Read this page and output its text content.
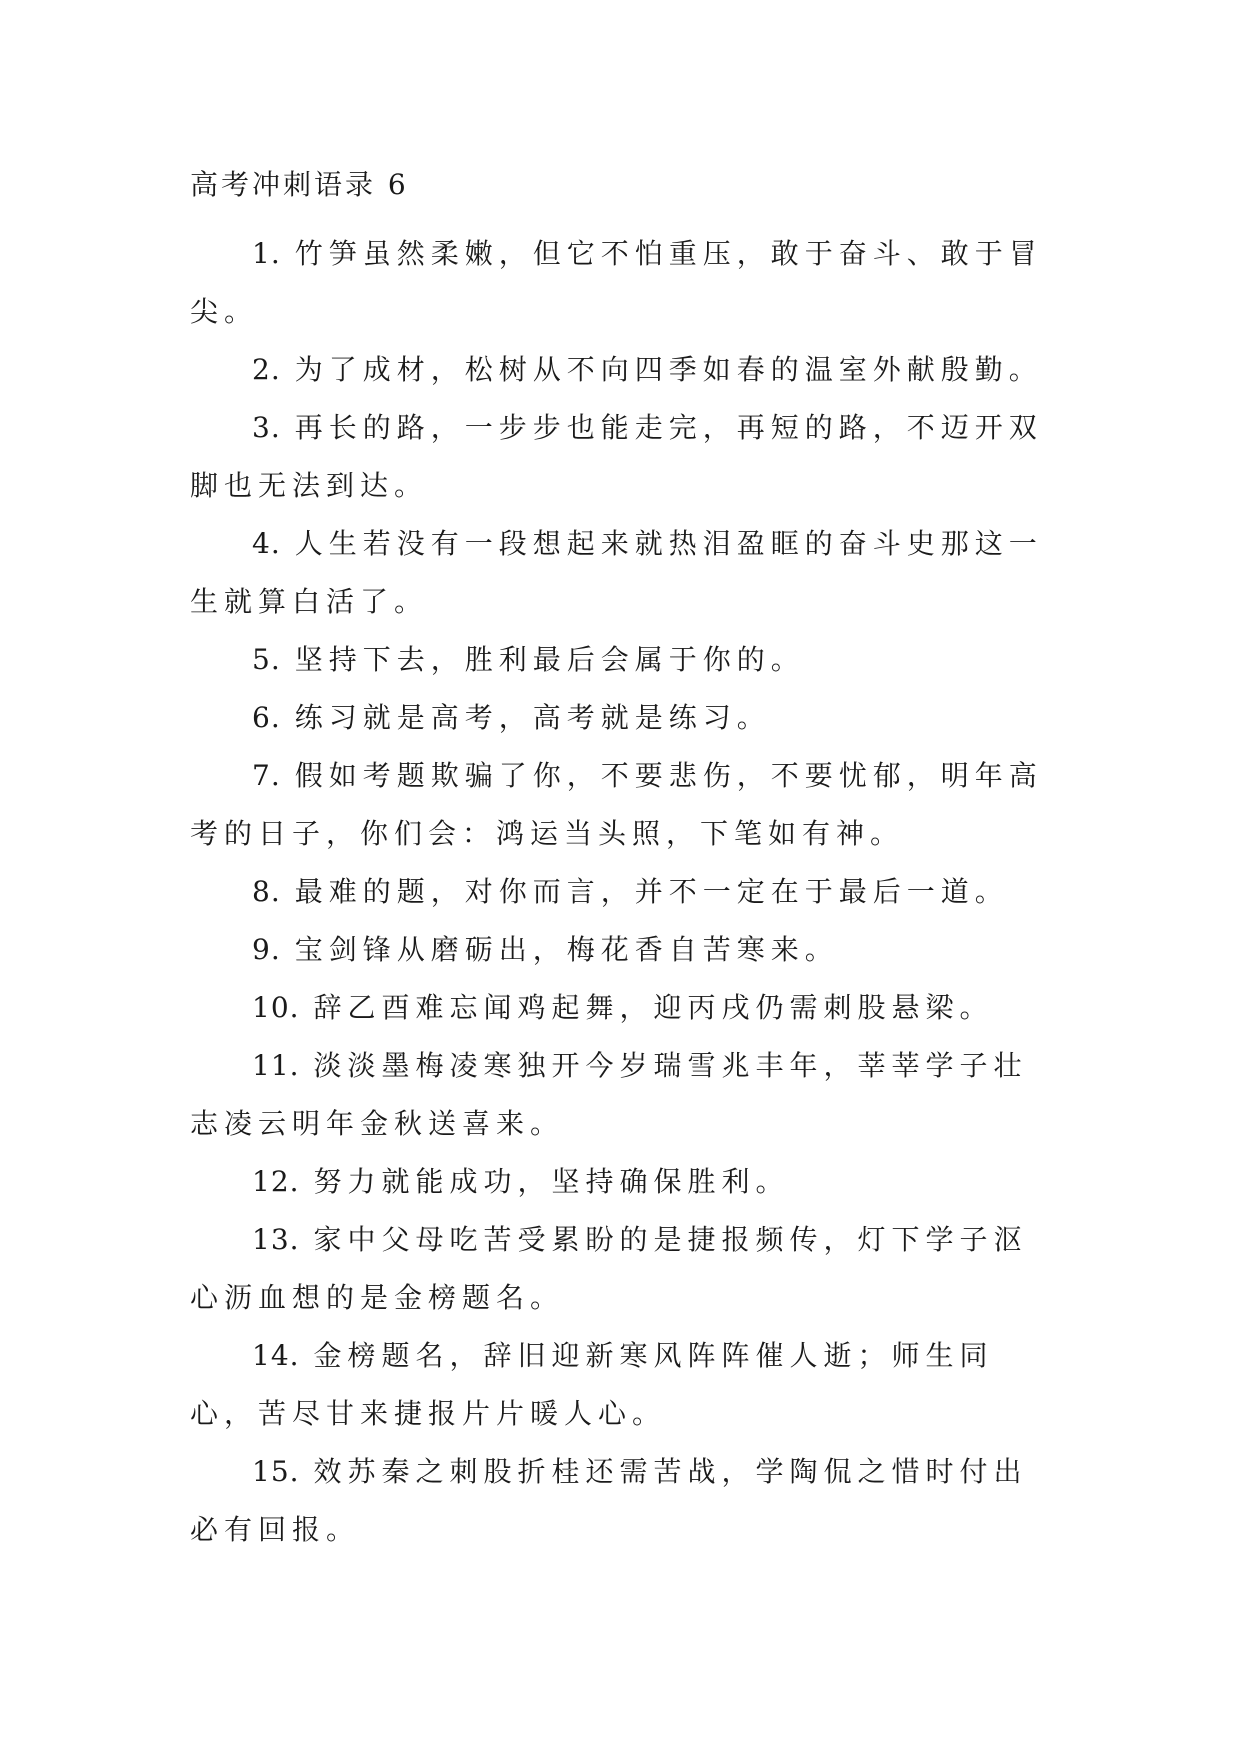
高考冲刺语录 6

1. 竹笋虽然柔嫩，但它不怕重压，敢于奋斗、敢于冒尖。

2. 为了成材，松树从不向四季如春的温室外献殷勤。

3. 再长的路，一步步也能走完，再短的路，不迈开双脚也无法到达。

4. 人生若没有一段想起来就热泪盈眶的奋斗史那这一生就算白活了。

5. 坚持下去，胜利最后会属于你的。

6. 练习就是高考，高考就是练习。

7. 假如考题欺骗了你，不要悲伤，不要忧郁，明年高考的日子，你们会：鸿运当头照，下笔如有神。

8. 最难的题，对你而言，并不一定在于最后一道。

9. 宝剑锋从磨砺出，梅花香自苦寒来。

10. 辞乙酉难忘闻鸡起舞，迎丙戌仍需刺股悬梁。

11. 淡淡墨梅凌寒独开今岁瑞雪兆丰年，莘莘学子壮志凌云明年金秋送喜来。

12. 努力就能成功，坚持确保胜利。

13. 家中父母吃苦受累盼的是捷报频传，灯下学子沤心沥血想的是金榜题名。

14. 金榜题名，辞旧迎新寒风阵阵催人逝；师生同心，苦尽甘来捷报片片暖人心。

15. 效苏秦之刺股折桂还需苦战，学陶侃之惜时付出必有回报。
